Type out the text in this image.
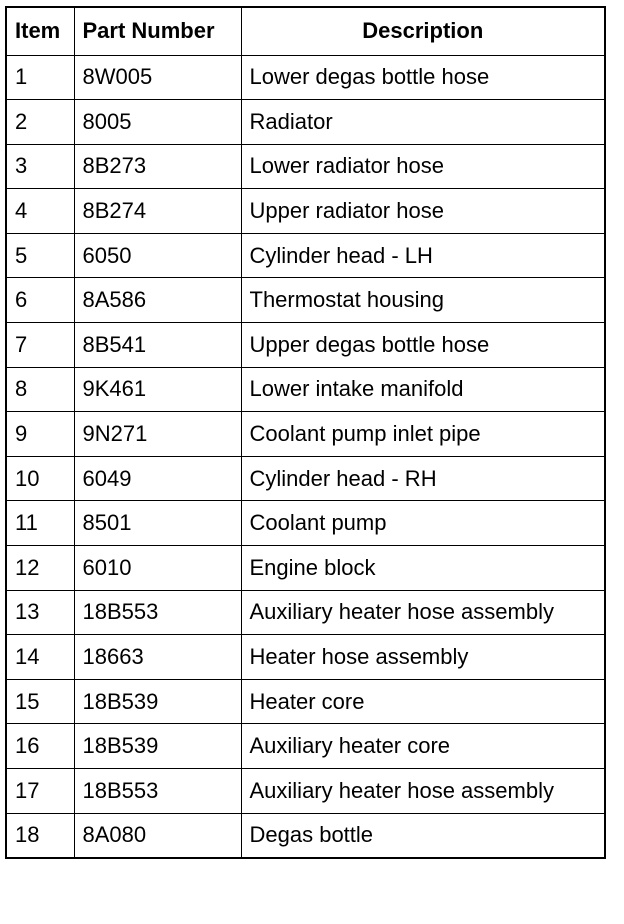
Item	Part Number	Description
1	8W005	Lower degas bottle hose
2	8005	Radiator
3	8B273	Lower radiator hose
4	8B274	Upper radiator hose
5	6050	Cylinder head - LH
6	8A586	Thermostat housing
7	8B541	Upper degas bottle hose
8	9K461	Lower intake manifold
9	9N271	Coolant pump inlet pipe
10	6049	Cylinder head - RH
11	8501	Coolant pump
12	6010	Engine block
13	18B553	Auxiliary heater hose assembly
14	18663	Heater hose assembly
15	18B539	Heater core
16	18B539	Auxiliary heater core
17	18B553	Auxiliary heater hose assembly
18	8A080	Degas bottle
